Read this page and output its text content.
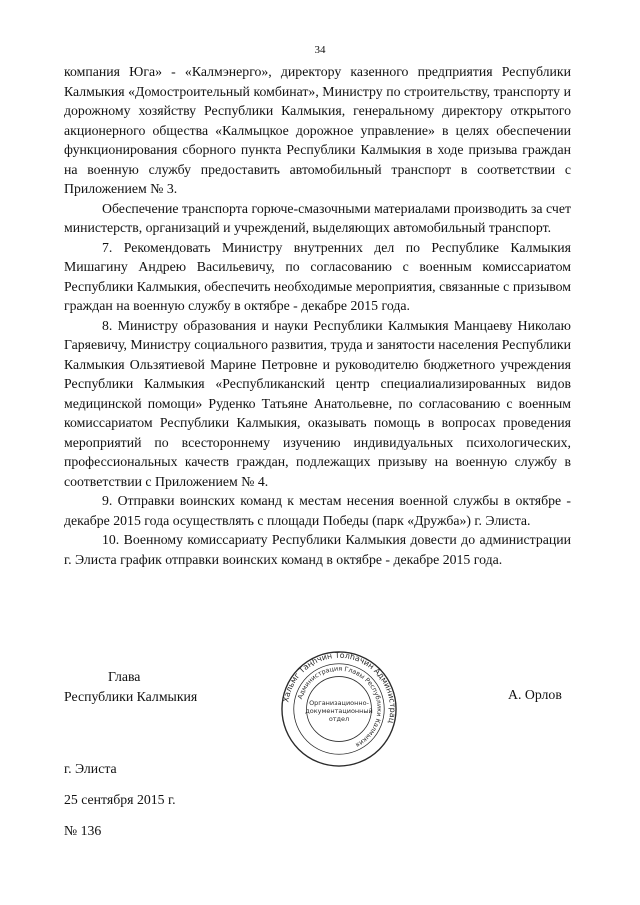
34

компания Юга» - «Калмэнерго», директору казенного предприятия Республики Калмыкия «Домостроительный комбинат», Министру по строительству, транспорту и дорожному хозяйству Республики Калмыкия, генеральному директору открытого акционерного общества «Калмыцкое дорожное управление» в целях обеспечении функционирования сборного пункта Республики Калмыкия в ходе призыва граждан на военную службу предоставить автомобильный транспорт в соответствии с Приложением № 3.

Обеспечение транспорта горюче-смазочными материалами производить за счет министерств, организаций и учреждений, выделяющих автомобильный транспорт.

7. Рекомендовать Министру внутренних дел по Республике Калмыкия Мишагину Андрею Васильевичу, по согласованию с военным комиссариатом Республики Калмыкия, обеспечить необходимые мероприятия, связанные с призывом граждан на военную службу в октябре - декабре 2015 года.

8. Министру образования и науки Республики Калмыкия Манцаеву Николаю Гаряевичу, Министру социального развития, труда и занятости населения Республики Калмыкия Ользятиевой Марине Петровне и руководителю бюджетного учреждения Республики Калмыкия «Республиканский центр специалиализированных видов медицинской помощи» Руденко Татьяне Анатольевне, по согласованию с военным комиссариатом Республики Калмыкия, оказывать помощь в вопросах проведения мероприятий по всестороннему изучению индивидуальных психологических, профессиональных качеств граждан, подлежащих призыву на военную службу в соответствии с Приложением № 4.

9. Отправки воинских команд к местам несения военной службы в октябре - декабре 2015 года осуществлять с площади Победы (парк «Дружба») г. Элиста.

10. Военному комиссариату Республики Калмыкия довести до администрации г. Элиста график отправки воинских команд в октябре - декабре 2015 года.

Глава
Республики Калмыкия	Хальмг Таңһчин Толһачин Администрац
Администрация Главы Республики Калмыкия
Организационно-
документационный
отдел
А. Орлов
г. Элиста
25 сентября 2015 г.
№ 136
